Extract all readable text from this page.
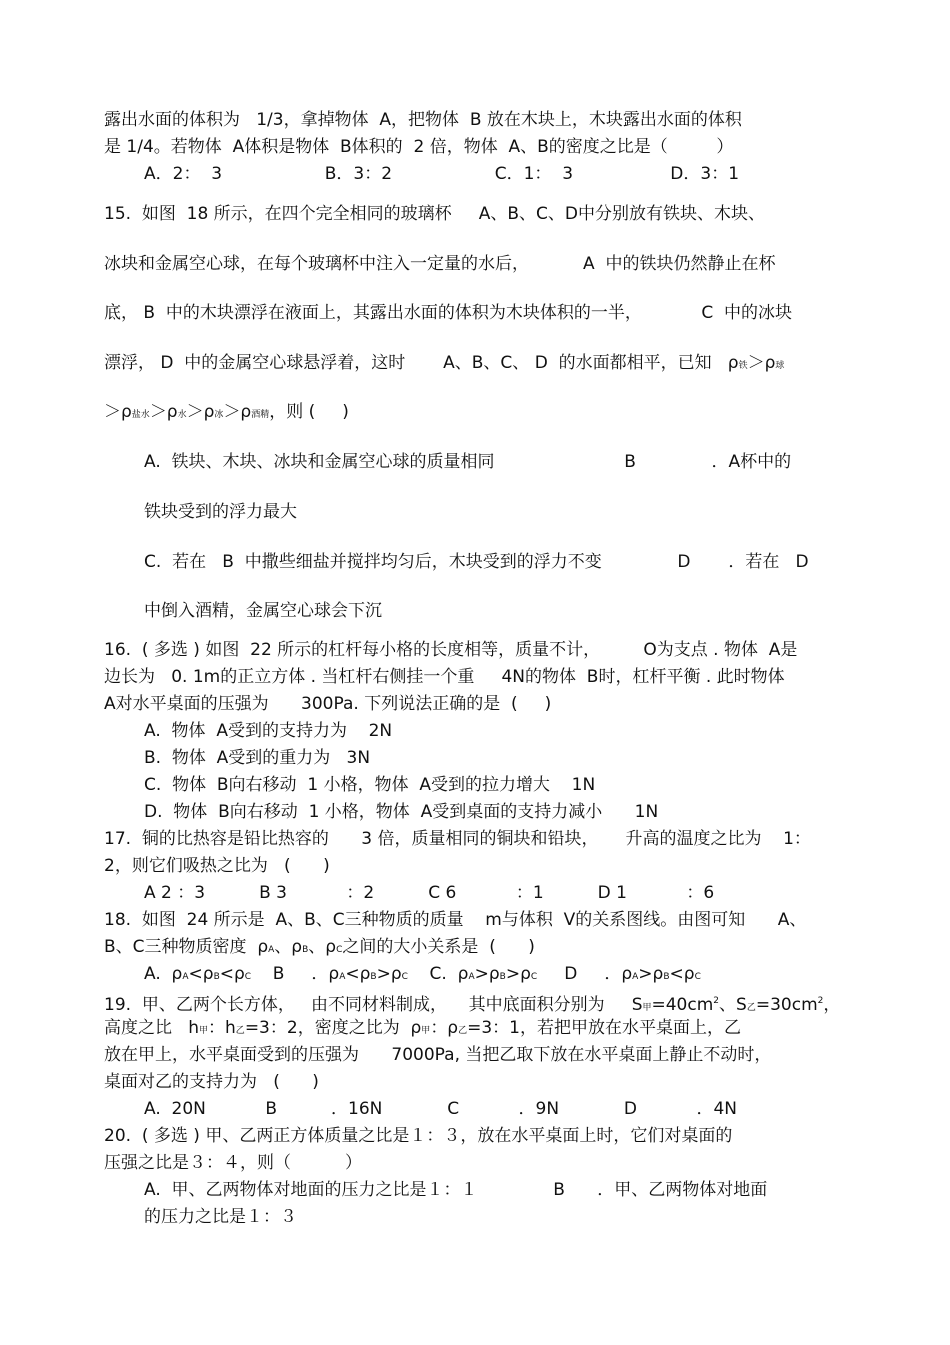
露出水面的体积为   1/3，拿掉物体  A，把物体  B 放在木块上，木块露出水面的体积
是 1/4。若物体  A体积是物体  B体积的  2 倍，物体  A、B的密度之比是（         ）
A．2：  3                   B．3：2                   C．1：  3                  D．3：1
15.  如图  18 所示，在四个完全相同的玻璃杯     A、B、C、D中分别放有铁块、木块、
冰块和金属空心球，在每个玻璃杯中注入一定量的水后，          A  中的铁块仍然静止在杯
底， B  中的木块漂浮在液面上，其露出水面的体积为木块体积的一半，           C  中的冰块
漂浮， D  中的金属空心球悬浮着，这时       A、B、C、 D  的水面都相平，已知   ρ铁＞ρ球
＞ρ盐水＞ρ水＞ρ冰＞ρ酒精，则 (     )
A.  铁块、木块、冰块和金属空心球的质量相同                        B              ．A杯中的
铁块受到的浮力最大
C.  若在   B  中撒些细盐并搅拌均匀后，木块受到的浮力不变              D       ．若在   D
中倒入酒精，金属空心球会下沉
16.  ( 多选 ) 如图  22 所示的杠杆每小格的长度相等，质量不计，        O为支点 . 物体  A是
边长为   0. 1m的正立方体 . 当杠杆右侧挂一个重     4N的物体  B时，杠杆平衡 . 此时物体
A对水平桌面的压强为      300Pa. 下列说法正确的是  (     )
A.  物体  A受到的支持力为    2N
B.  物体  A受到的重力为   3N
C.  物体  B向右移动  1 小格，物体  A受到的拉力增大    1N
D.  物体  B向右移动  1 小格，物体  A受到桌面的支持力减小      1N
17.  铜的比热容是铅比热容的      3 倍，质量相同的铜块和铅块，     升高的温度之比为    1：
2，则它们吸热之比为   (      )
A 2 ：3          B 3           ：2          C 6           ：1          D 1           ：6
18.  如图  24 所示是  A、B、C三种物质的质量    m与体积  V的关系图线。由图可知      A、
B、C三种物质密度  ρA、ρB、ρC之间的大小关系是  (      )
A.  ρA<ρB<ρC    B     ．ρA<ρB>ρC    C.  ρA>ρB>ρC     D     ．ρA>ρB<ρC
19.  甲、乙两个长方体，   由不同材料制成，    其中底面积分别为     S甲$=40cm^2$、S乙$=30cm^2$，
高度之比   h甲：h乙=3：2，密度之比为  ρ甲：ρ乙=3：1，若把甲放在水平桌面上，乙
放在甲上，水平桌面受到的压强为      7000Pa, 当把乙取下放在水平桌面上静止不动时，
桌面对乙的支持力为   (      )
A.  20N           B          ．16N            C           ．9N            D           ．4N
20.  ( 多选 ) 甲、乙两正方体质量之比是１：３，放在水平桌面上时，它们对桌面的
压强之比是３：４，则（          ）
A.  甲、乙两物体对地面的压力之比是１：１              B      ．甲、乙两物体对地面
的压力之比是１：３
